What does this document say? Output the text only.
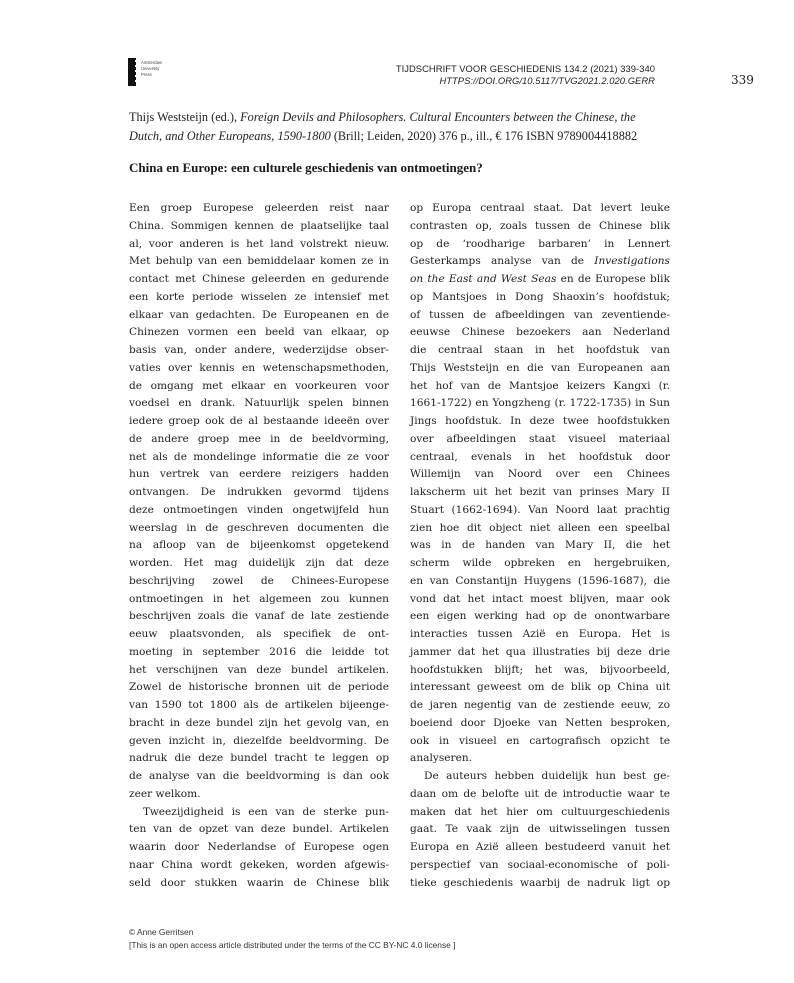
Amsterdam
University
Press
TIJDSCHRIFT VOOR GESCHIEDENIS 134.2 (2021) 339-340
HTTPS://DOI.ORG/10.5117/TVG2021.2.020.GERR	339
Thijs Weststeijn (ed.), Foreign Devils and Philosophers. Cultural Encounters between the Chinese, the
Dutch, and Other Europeans, 1590-1800 (Brill; Leiden, 2020) 376 p., ill., € 176 ISBN 9789004418882
China en Europe: een culturele geschiedenis van ontmoetingen?
Een groep Europese geleerden reist naar
China. Sommigen kennen de plaatselijke taal
al, voor anderen is het land volstrekt nieuw.
Met behulp van een bemiddelaar komen ze in
contact met Chinese geleerden en gedurende
een korte periode wisselen ze intensief met
elkaar van gedachten. De Europeanen en de
Chinezen vormen een beeld van elkaar, op
basis van, onder andere, wederzijdse obser-
vaties over kennis en wetenschapsmethoden,
de omgang met elkaar en voorkeuren voor
voedsel en drank. Natuurlijk spelen binnen
iedere groep ook de al bestaande ideeën over
de andere groep mee in de beeldvorming,
net als de mondelinge informatie die ze voor
hun vertrek van eerdere reizigers hadden
ontvangen. De indrukken gevormd tijdens
deze ontmoetingen vinden ongetwijfeld hun
weerslag in de geschreven documenten die
na afloop van de bijeenkomst opgetekend
worden. Het mag duidelijk zijn dat deze
beschrijving zowel de Chinees-Europese
ontmoetingen in het algemeen zou kunnen
beschrijven zoals die vanaf de late zestiende
eeuw plaatsvonden, als specifiek de ont-
moeting in september 2016 die leidde tot
het verschijnen van deze bundel artikelen.
Zowel de historische bronnen uit de periode
van 1590 tot 1800 als de artikelen bijeenge-
bracht in deze bundel zijn het gevolg van, en
geven inzicht in, diezelfde beeldvorming. De
nadruk die deze bundel tracht te leggen op
de analyse van die beeldvorming is dan ook
zeer welkom.
Tweezijdigheid is een van de sterke pun-
ten van de opzet van deze bundel. Artikelen
waarin door Nederlandse of Europese ogen
naar China wordt gekeken, worden afgewis-
seld door stukken waarin de Chinese blik
op Europa centraal staat. Dat levert leuke
contrasten op, zoals tussen de Chinese blik
op de ‘roodharige barbaren’ in Lennert
Gesterkamps analyse van de Investigations
on the East and West Seas en de Europese blik
op Mantsjoes in Dong Shaoxin’s hoofdstuk;
of tussen de afbeeldingen van zeventiende-
eeuwse Chinese bezoekers aan Nederland
die centraal staan in het hoofdstuk van
Thijs Weststeijn en die van Europeanen aan
het hof van de Mantsjoe keizers Kangxi (r.
1661-1722) en Yongzheng (r. 1722-1735) in Sun
Jings hoofdstuk. In deze twee hoofdstukken
over afbeeldingen staat visueel materiaal
centraal, evenals in het hoofdstuk door
Willemijn van Noord over een Chinees
lakscherm uit het bezit van prinses Mary II
Stuart (1662-1694). Van Noord laat prachtig
zien hoe dit object niet alleen een speelbal
was in de handen van Mary II, die het
scherm wilde opbreken en hergebruiken,
en van Constantijn Huygens (1596-1687), die
vond dat het intact moest blijven, maar ook
een eigen werking had op de onontwarbare
interacties tussen Azië en Europa. Het is
jammer dat het qua illustraties bij deze drie
hoofdstukken blijft; het was, bijvoorbeeld,
interessant geweest om de blik op China uit
de jaren negentig van de zestiende eeuw, zo
boeiend door Djoeke van Netten besproken,
ook in visueel en cartografisch opzicht te
analyseren.
De auteurs hebben duidelijk hun best ge-
daan om de belofte uit de introductie waar te
maken dat het hier om cultuurgeschiedenis
gaat. Te vaak zijn de uitwisselingen tussen
Europa en Azië alleen bestudeerd vanuit het
perspectief van sociaal-economische of poli-
tieke geschiedenis waarbij de nadruk ligt op
© Anne Gerritsen
[This is an open access article distributed under the terms of the CC BY-NC 4.0 license ]
